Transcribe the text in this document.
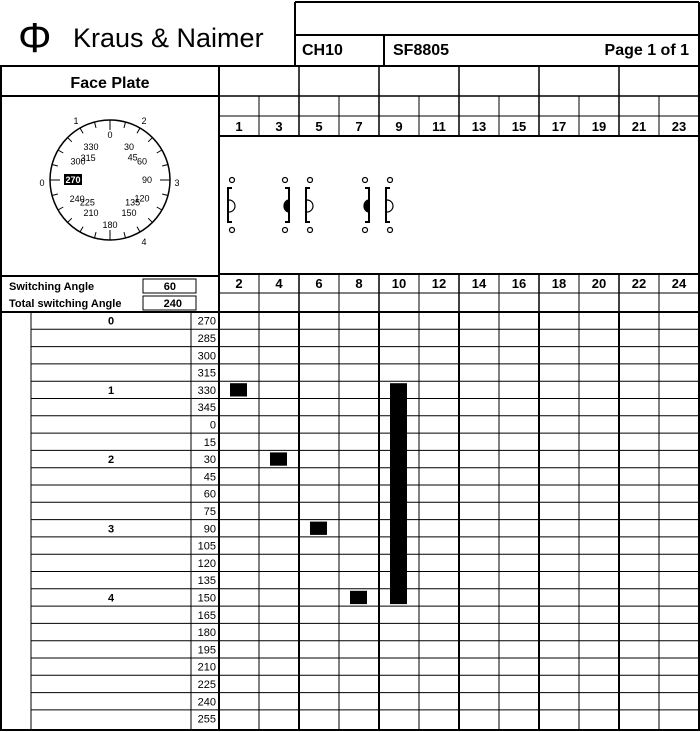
0
30
45 60
90
120
135
150
180
210
225
240
270
300
315
330
0
1	2
3
4
1	3	5	7	9 11 13 15 17 19 21 23
2	4	6	8 10 12 14 16 18 20 22 24
0	270
285
300
315
1	330
345
0
15
2	30
45
60
75
3	90
105
120
135
4	150
165
180
195
210
225
240
255
Φ Kraus & Naimer CH10	SF8805	Page 1 of 1
Face Plate
Switching Angle	60
Total switching Angle	240
